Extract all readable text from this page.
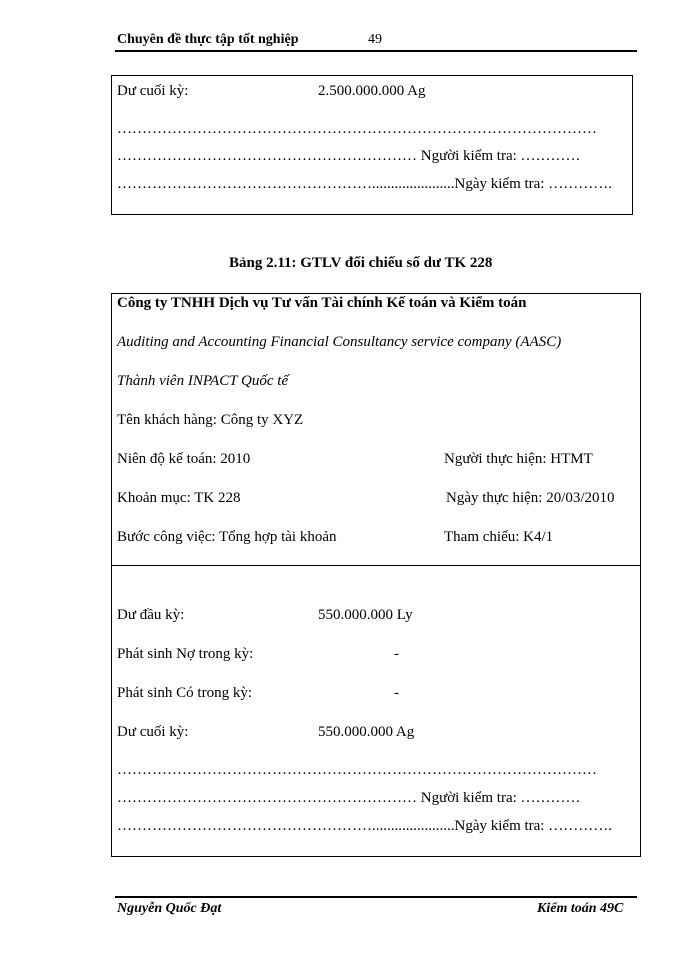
Chuyên đề thực tập tốt nghiệp	49
Dư cuối kỳ:	2.500.000.000 Ag
……………………………………………………………………………………
…………………………………………………… Người kiểm tra: …………
……………………………………………......................Ngày kiểm tra: ………….
Bảng 2.11: GTLV đối chiếu số dư TK 228
Công ty TNHH Dịch vụ Tư vấn Tài chính Kế toán và Kiểm toán
Auditing and Accounting Financial Consultancy service company (AASC)
Thành viên INPACT Quốc tế
Tên khách hàng: Công ty XYZ
Niên độ kế toán: 2010	Người thực hiện: HTMT
Khoản mục: TK 228	Ngày thực hiện: 20/03/2010
Bước công việc: Tổng hợp tài khoản	Tham chiếu: K4/1
Dư đầu kỳ:	550.000.000 Ly
Phát sinh Nợ trong kỳ:	-
Phát sinh Có trong kỳ:	-
Dư cuối kỳ:	550.000.000 Ag
……………………………………………………………………………………
…………………………………………………… Người kiểm tra: …………
……………………………………………......................Ngày kiểm tra: ………….
Nguyễn Quốc Đạt	Kiểm toán 49C
